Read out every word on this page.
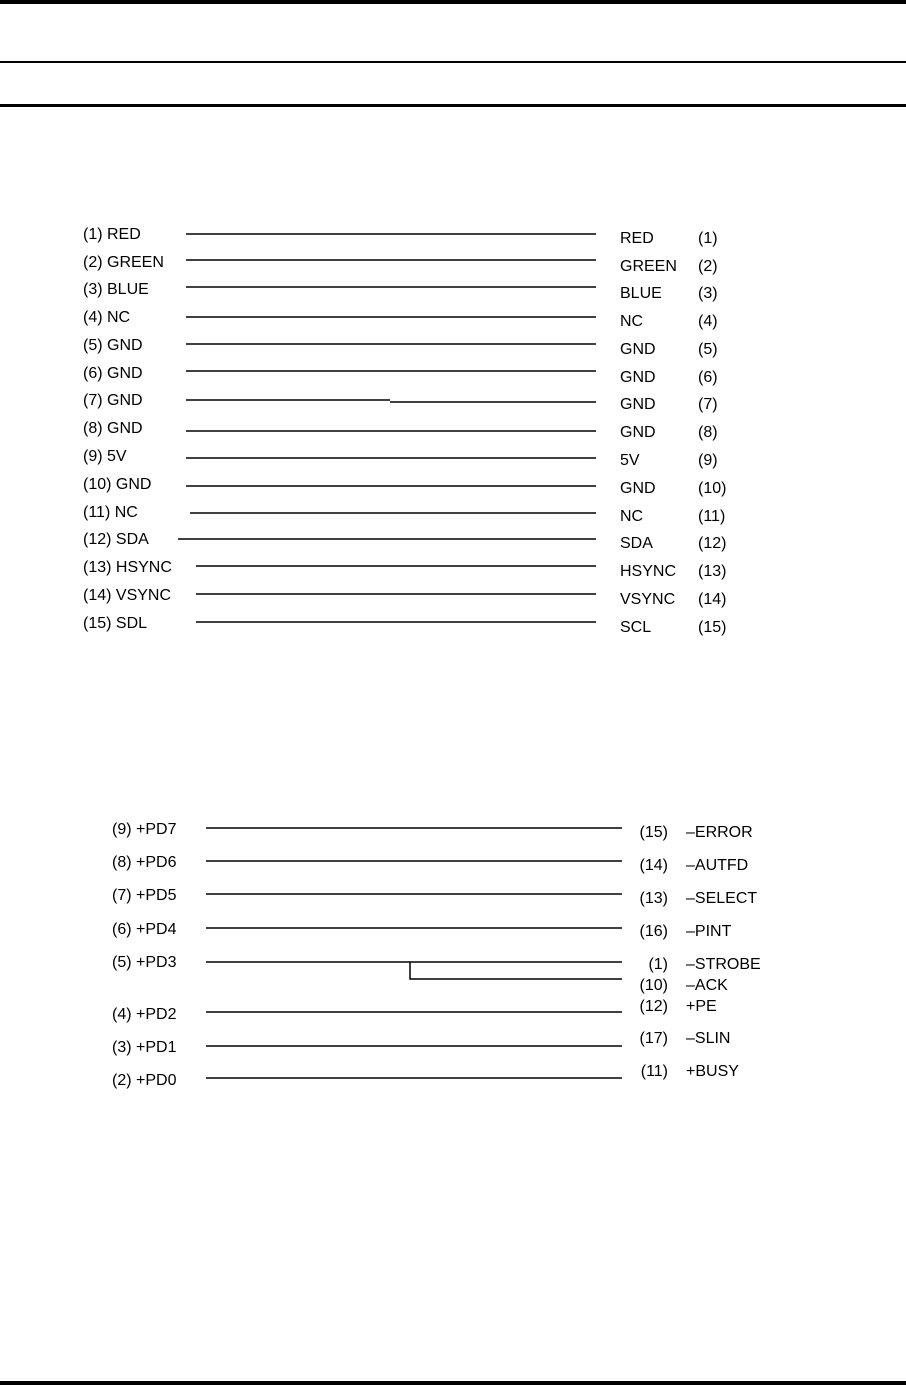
(1) RED
(2) GREEN
(3) BLUE
(4) NC
(5) GND
(6) GND
(7) GND
(8) GND
(9) 5V
(10) GND
(11) NC
(12) SDA
(13) HSYNC
(14) VSYNC
(15) SDL
RED
GREEN
BLUE
NC
GND
GND
GND
GND
5V
GND
NC
SDA
HSYNC
VSYNC
SCL
(1)
(2)
(3)
(4)
(5)
(6)
(7)
(8)
(9)
(10)
(11)
(12)
(13)
(14)
(15)
(9) +PD7
(8) +PD6
(7) +PD5
(6) +PD4
(5) +PD3
(4) +PD2
(3) +PD1
(2) +PD0
(15)
(14)
(13)
(16)
(1)
(10)
(12)
(17)
(11)
–ERROR
–AUTFD
–SELECT
–PINT
–STROBE
–ACK
+PE
–SLIN
+BUSY
